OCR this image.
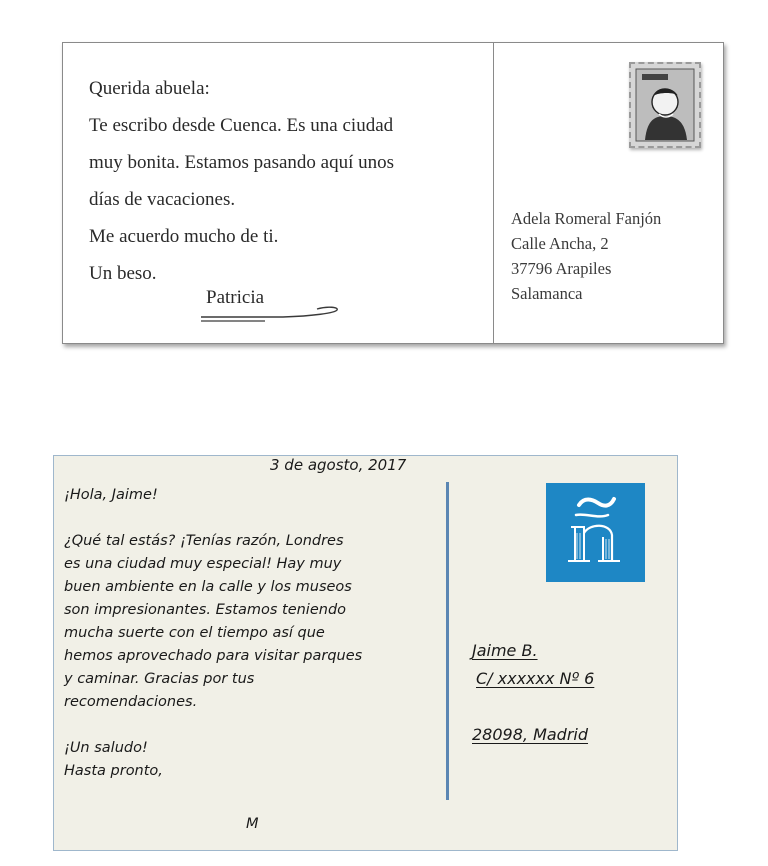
Querida abuela:
Te escribo desde Cuenca. Es una ciudad
muy bonita. Estamos pasando aquí unos
días de vacaciones.
Me acuerdo mucho de ti.
Un beso.
Patricia
Adela Romeral Fanjón
Calle Ancha, 2
37796 Arapiles
Salamanca
3 de agosto, 2017
¡Hola, Jaime!
¿Qué tal estás? ¡Tenías razón, Londres
es una ciudad muy especial! Hay muy
buen ambiente en la calle y los museos
son impresionantes. Estamos teniendo
mucha suerte con el tiempo así que
hemos aprovechado para visitar parques
y caminar. Gracias por tus
recomendaciones.
¡Un saludo!
Hasta pronto,
M
Jaime B.
C/ xxxxxx Nº 6
28098, Madrid
